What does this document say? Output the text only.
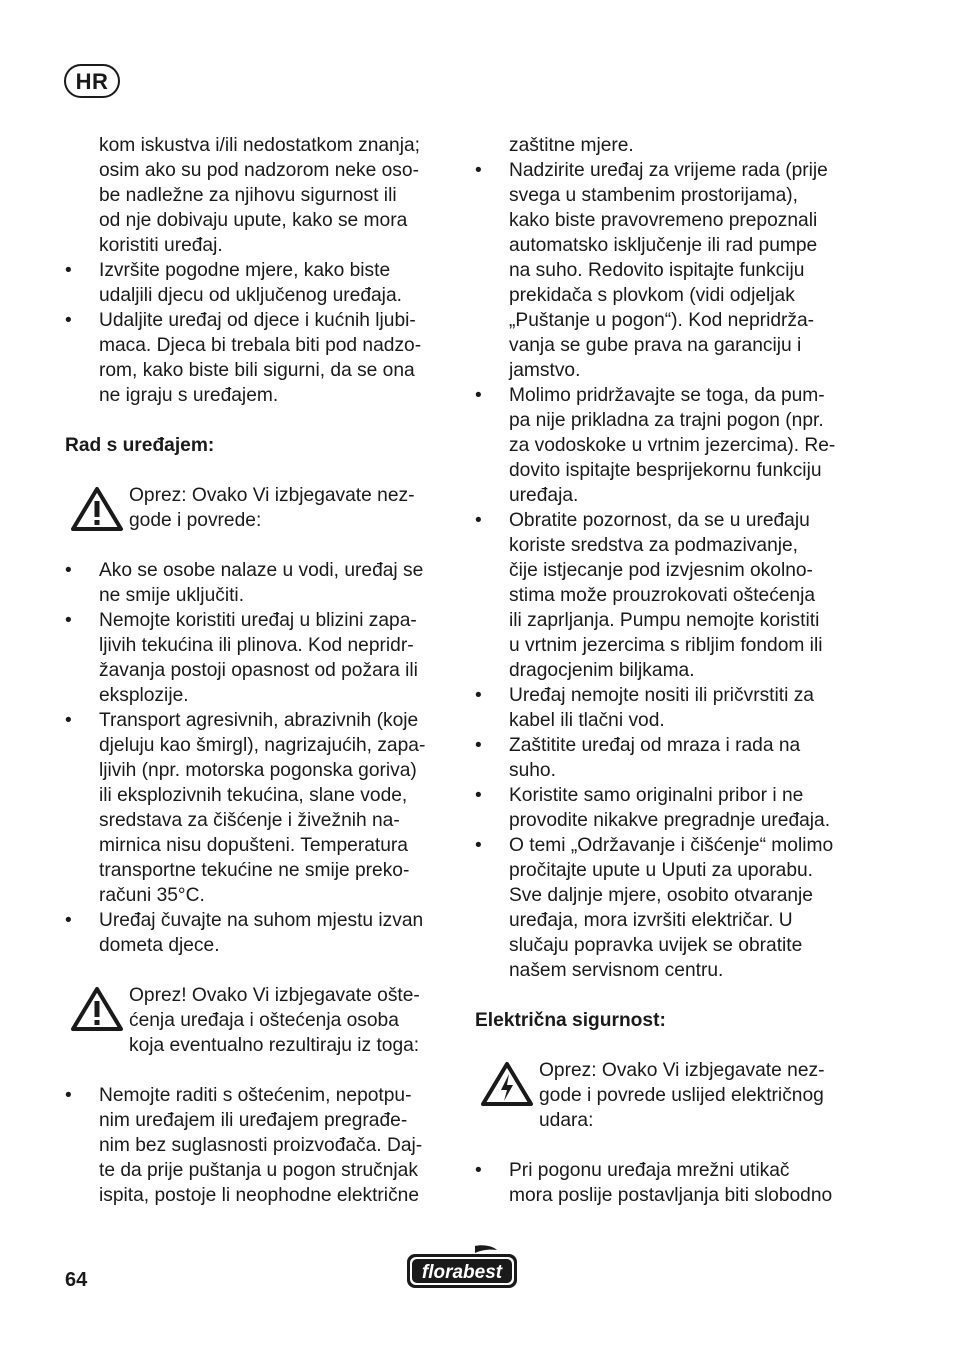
HR

kom iskustva i/ili nedostatkom znanja;
osim ako su pod nadzorom neke oso-
be nadležne za njihovu sigurnost ili
od nje dobivaju upute, kako se mora
koristiti uređaj.

• Izvršite pogodne mjere, kako biste
udaljili djecu od uključenog uređaja.
• Udaljite uređaj od djece i kućnih ljubi-
maca. Djeca bi trebala biti pod nadzo-
rom, kako biste bili sigurni, da se ona
ne igraju s uređajem.

Rad s uređajem:

Oprez: Ovako Vi izbjegavate nez-
gode i povrede:
• Ako se osobe nalaze u vodi, uređaj se
ne smije uključiti.
• Nemojte koristiti uređaj u blizini zapa-
ljivih tekućina ili plinova. Kod nepridr-
žavanja postoji opasnost od požara ili
eksplozije.
• Transport agresivnih, abrazivnih (koje
djeluju kao šmirgl), nagrizajućih, zapa-
ljivih (npr. motorska pogonska goriva)
ili eksplozivnih tekućina, slane vode,
sredstava za čišćenje i živežnih na-
mirnica nisu dopušteni. Temperatura
transportne tekućine ne smije preko-
računi 35°C.
• Uređaj čuvajte na suhom mjestu izvan
dometa djece.
Oprez! Ovako Vi izbjegavate ošte-
ćenja uređaja i oštećenja osoba
koja eventualno rezultiraju iz toga:
• Nemojte raditi s oštećenim, nepotpu-
nim uređajem ili uređajem pregrađe-
nim bez suglasnosti proizvođača. Daj-
te da prije puštanja u pogon stručnjak
ispita, postoje li neophodne električne

zaštitne mjere.

• Nadzirite uređaj za vrijeme rada (prije
svega u stambenim prostorijama),
kako biste pravovremeno prepoznali
automatsko isključenje ili rad pumpe
na suho. Redovito ispitajte funkciju
prekidača s plovkom (vidi odjeljak
„Puštanje u pogon“). Kod nepridrža-
vanja se gube prava na garanciju i
jamstvo.
• Molimo pridržavajte se toga, da pum-
pa nije prikladna za trajni pogon (npr.
za vodoskoke u vrtnim jezercima). Re-
dovito ispitajte besprijekornu funkciju
uređaja.
• Obratite pozornost, da se u uređaju
koriste sredstva za podmazivanje,
čije istjecanje pod izvjesnim okolno-
stima može prouzrokovati oštećenja
ili zaprljanja. Pumpu nemojte koristiti
u vrtnim jezercima s ribljim fondom ili
dragocjenim biljkama.
• Uređaj nemojte nositi ili pričvrstiti za
kabel ili tlačni vod.
• Zaštitite uređaj od mraza i rada na
suho.
• Koristite samo originalni pribor i ne
provodite nikakve pregradnje uređaja.
• O temi „Održavanje i čišćenje“ molimo
pročitajte upute u Uputi za uporabu.
Sve daljnje mjere, osobito otvaranje
uređaja, mora izvršiti električar. U
slučaju popravka uvijek se obratite
našem servisnom centru.

Električna sigurnost:

Oprez: Ovako Vi izbjegavate nez-
gode i povrede uslijed električnog
udara:
• Pri pogonu uređaja mrežni utikač
mora poslije postavljanja biti slobodno
64	florabest
